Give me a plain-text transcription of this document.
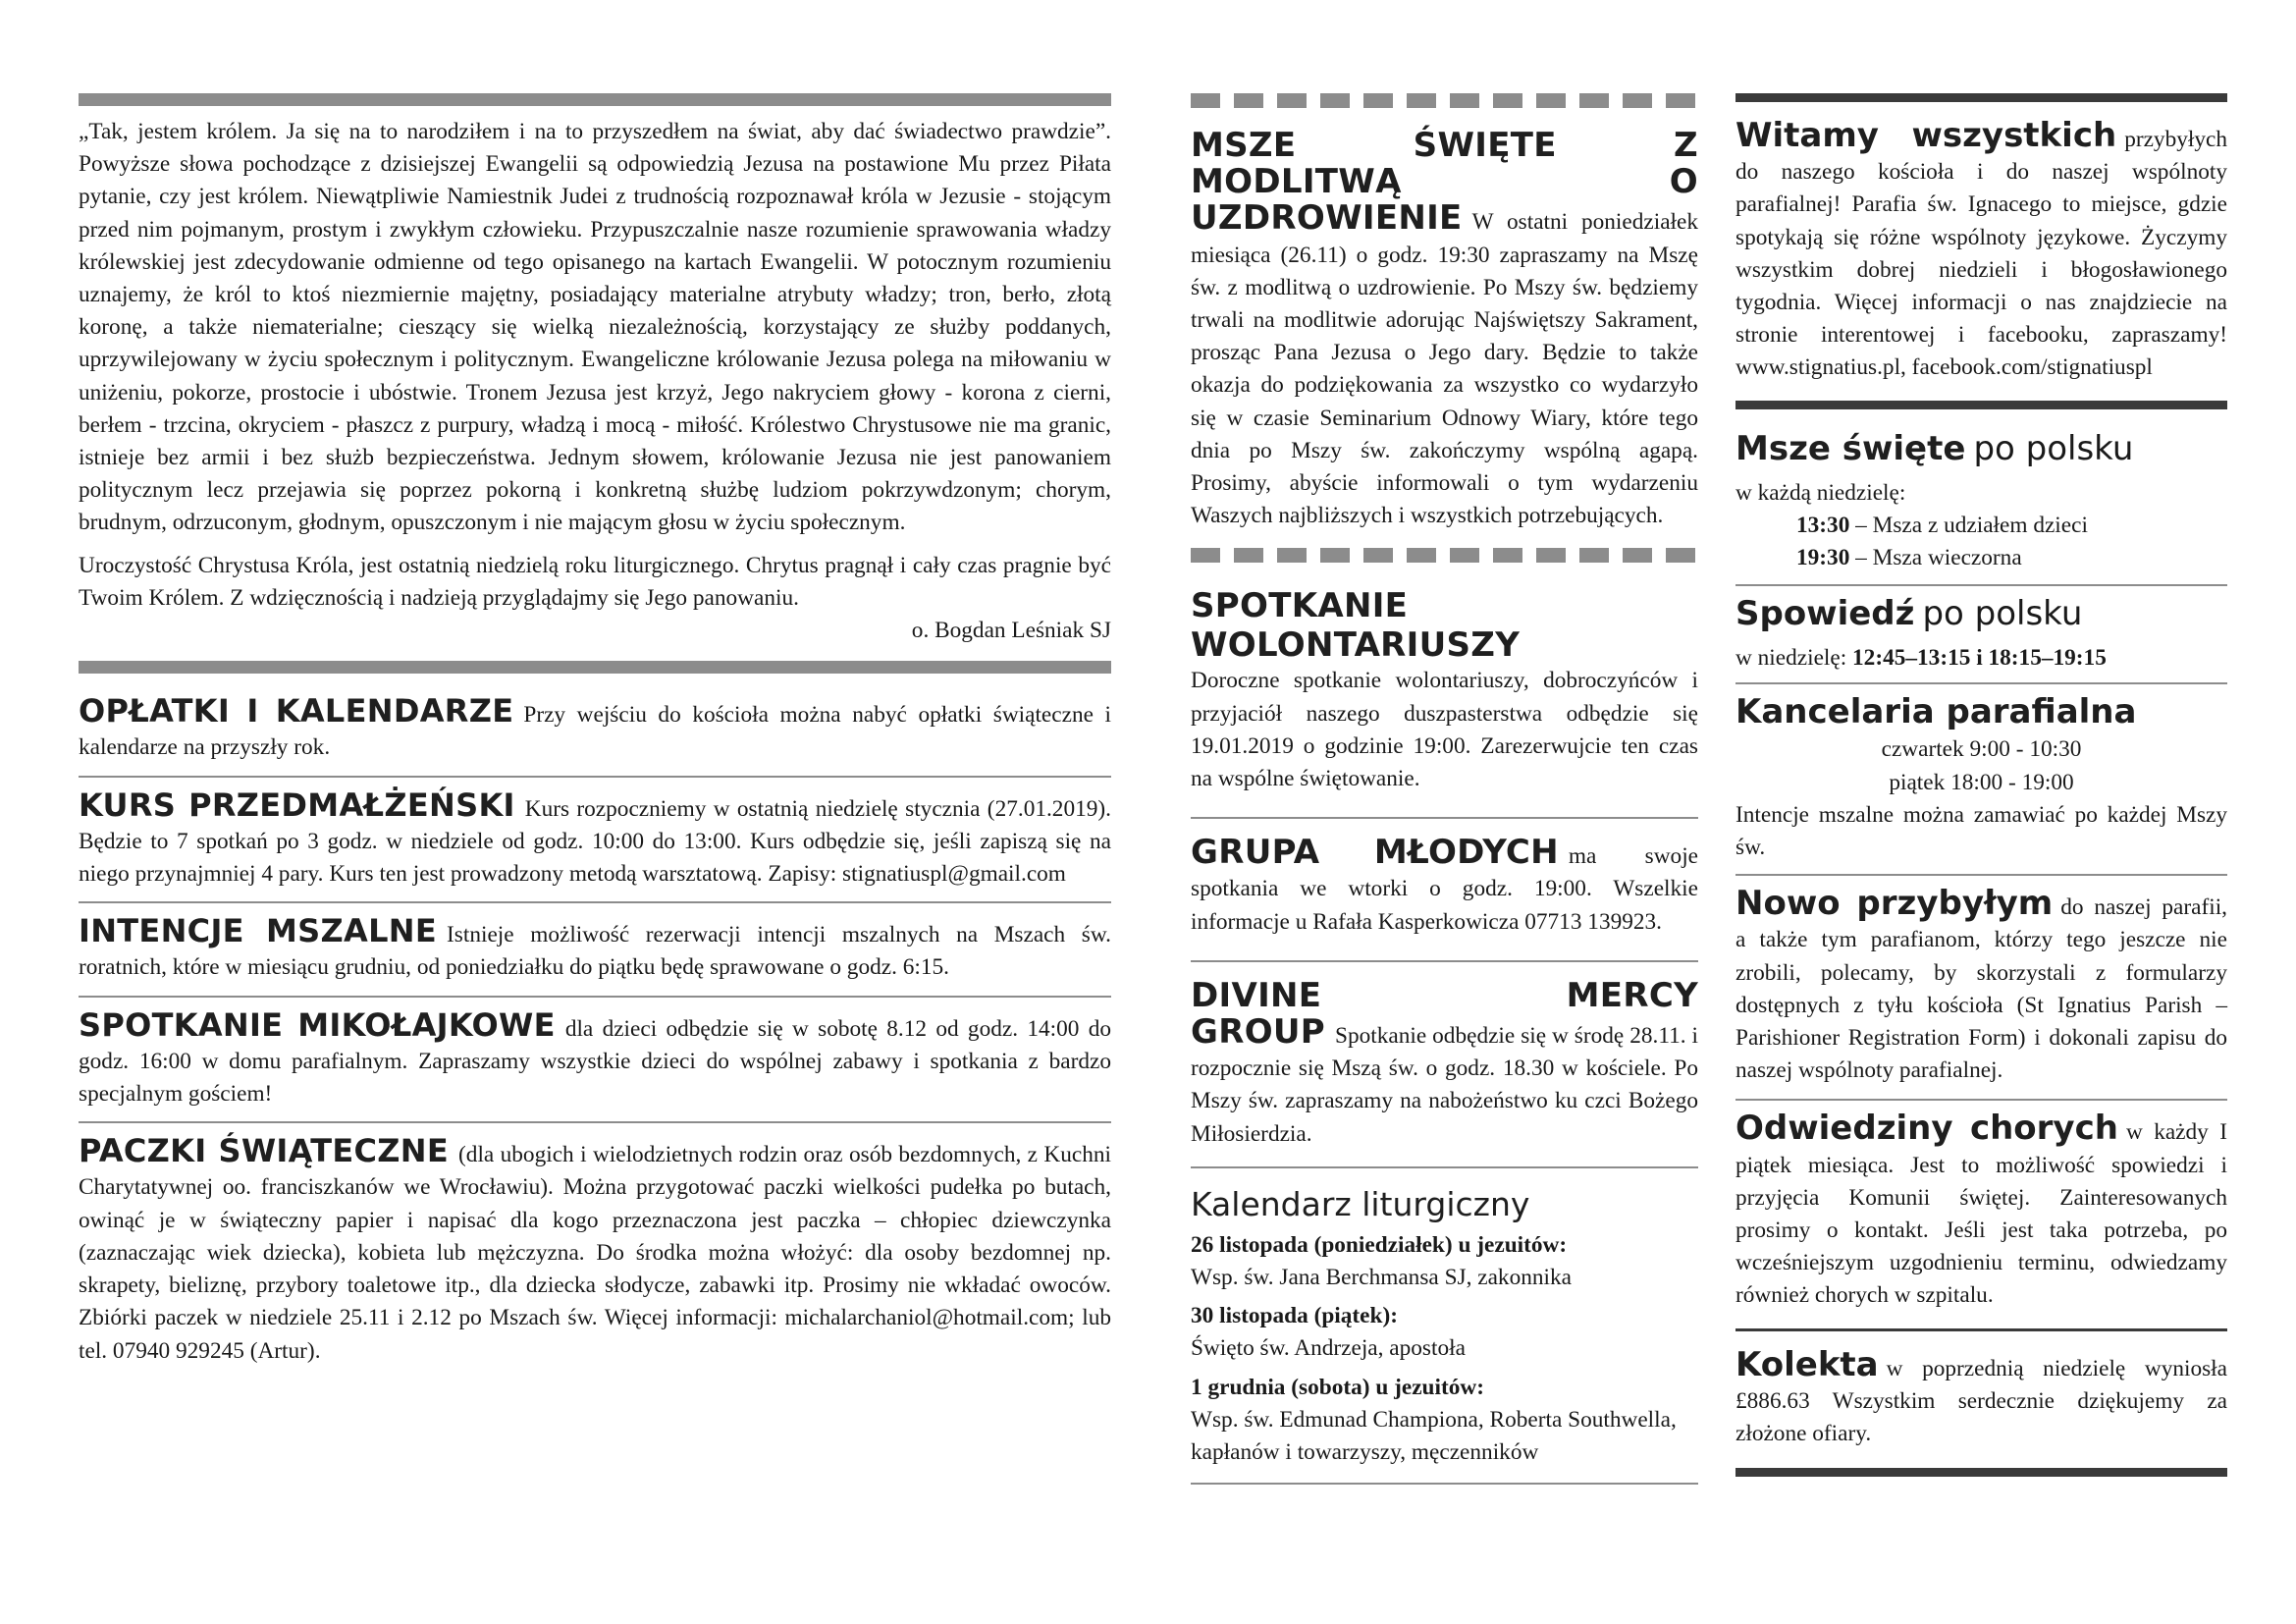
„Tak, jestem królem. Ja się na to narodziłem i na to przyszedłem na świat, aby dać świadectwo prawdzie”. Powyższe słowa pochodzące z dzisiejszej Ewangelii są odpowiedzią Jezusa na postawione Mu przez Piłata pytanie, czy jest królem. Niewątpliwie Namiestnik Judei z trudnością rozpoznawał króla w Jezusie - stojącym przed nim pojmanym, prostym i zwykłym człowieku. Przypuszczalnie nasze rozumienie sprawowania władzy królewskiej jest zdecydowanie odmienne od tego opisanego na kartach Ewangelii. W potocznym rozumieniu uznajemy, że król to ktoś niezmiernie majętny, posiadający materialne atrybuty władzy; tron, berło, złotą koronę, a także niematerialne; cieszący się wielką niezależnością, korzystający ze służby poddanych, uprzywilejowany w życiu społecznym i politycznym. Ewangeliczne królowanie Jezusa polega na miłowaniu w uniżeniu, pokorze, prostocie i ubóstwie. Tronem Jezusa jest krzyż, Jego nakryciem głowy - korona z cierni, berłem - trzcina, okryciem - płaszcz z purpury, władzą i mocą - miłość. Królestwo Chrystusowe nie ma granic, istnieje bez armii i bez służb bezpieczeństwa. Jednym słowem, królowanie Jezusa nie jest panowaniem politycznym lecz przejawia się poprzez pokorną i konkretną służbę ludziom pokrzywdzonym; chorym, brudnym, odrzuconym, głodnym, opuszczonym i nie mającym głosu w życiu społecznym.

Uroczystość Chrystusa Króla, jest ostatnią niedzielą roku liturgicznego. Chrytus pragnął i cały czas pragnie być Twoim Królem. Z wdzięcznością i nadzieją przyglądajmy się Jego panowaniu.

o. Bogdan Leśniak SJ

OPŁATKI I KALENDARZE Przy wejściu do kościoła można nabyć opłatki świąteczne i kalendarze na przyszły rok.

KURS PRZEDMAŁŻEŃSKI Kurs rozpoczniemy w ostatnią niedzielę stycznia (27.01.2019). Będzie to 7 spotkań po 3 godz. w niedziele od godz. 10:00 do 13:00. Kurs odbędzie się, jeśli zapiszą się na niego przynajmniej 4 pary. Kurs ten jest prowadzony metodą warsztatową. Zapisy: stignatiuspl@gmail.com

INTENCJE MSZALNE Istnieje możliwość rezerwacji intencji mszalnych na Mszach św. roratnich, które w miesiącu grudniu, od poniedziałku do piątku będę sprawowane o godz. 6:15.

SPOTKANIE MIKOŁAJKOWE dla dzieci odbędzie się w sobotę 8.12 od godz. 14:00 do godz. 16:00 w domu parafialnym. Zapraszamy wszystkie dzieci do wspólnej zabawy i spotkania z bardzo specjalnym gościem!

PACZKI ŚWIĄTECZNE (dla ubogich i wielodzietnych rodzin oraz osób bezdomnych, z Kuchni Charytatywnej oo. franciszkanów we Wrocławiu). Można przygotować paczki wielkości pudełka po butach, owinąć je w świąteczny papier i napisać dla kogo przeznaczona jest paczka – chłopiec dziewczynka (zaznaczając wiek dziecka), kobieta lub mężczyzna. Do środka można włożyć: dla osoby bezdomnej np. skrapety, bieliznę, przybory toaletowe itp., dla dziecka słodycze, zabawki itp. Prosimy nie wkładać owoców. Zbiórki paczek w niedziele 25.11 i 2.12 po Mszach św. Więcej informacji: michalarchaniol@hotmail.com; lub tel. 07940 929245 (Artur).

MSZE ŚWIĘTE Z MODLITWĄ O UZDROWIENIE W ostatni poniedziałek miesiąca (26.11) o godz. 19:30 zapraszamy na Mszę św. z modlitwą o uzdrowienie. Po Mszy św. będziemy trwali na modlitwie adorując Najświętszy Sakrament, prosząc Pana Jezusa o Jego dary. Będzie to także okazja do podziękowania za wszystko co wydarzyło się w czasie Seminarium Odnowy Wiary, które tego dnia po Mszy św. zakończymy wspólną agapą. Prosimy, abyście informowali o tym wydarzeniu Waszych najbliższych i wszystkich potrzebujących.

SPOTKANIE WOLONTARIUSZY

Doroczne spotkanie wolontariuszy, dobroczyńców i przyjaciół naszego duszpasterstwa odbędzie się 19.01.2019 o godzinie 19:00. Zarezerwujcie ten czas na wspólne świętowanie.

GRUPA MŁODYCH ma swoje spotkania we wtorki o godz. 19:00. Wszelkie informacje u Rafała Kasperkowicza 07713 139923.

DIVINE MERCY GROUP Spotkanie odbędzie się w środę 28.11. i rozpocznie się Mszą św. o godz. 18.30 w kościele. Po Mszy św. zapraszamy na nabożeństwo ku czci Bożego Miłosierdzia.

Kalendarz liturgiczny

26 listopada (poniedziałek) u jezuitów:

Wsp. św. Jana Berchmansa SJ, zakonnika

30 listopada (piątek):

Święto św. Andrzeja, apostoła

1 grudnia (sobota) u jezuitów:

Wsp. św. Edmunad Championa, Roberta Southwella, kapłanów i towarzyszy, męczenników

Witamy wszystkich przybyłych do naszego kościoła i do naszej wspólnoty parafialnej! Parafia św. Ignacego to miejsce, gdzie spotykają się różne wspólnoty językowe. Życzymy wszystkim dobrej niedzieli i błogosławionego tygodnia. Więcej informacji o nas znajdziecie na stronie interentowej i facebooku, zapraszamy! www.stignatius.pl, facebook.com/stignatiuspl

Msze święte po polsku

w każdą niedzielę:

13:30 – Msza z udziałem dzieci

19:30 – Msza wieczorna

Spowiedź po polsku

w niedzielę: 12:45–13:15 i 18:15–19:15

Kancelaria parafialna

czwartek 9:00 - 10:30

piątek 18:00 - 19:00

Intencje mszalne można zamawiać po każdej Mszy św.

Nowo przybyłym do naszej parafii, a także tym parafianom, którzy tego jeszcze nie zrobili, polecamy, by skorzystali z formularzy dostępnych z tyłu kościoła (St Ignatius Parish – Parishioner Registration Form) i dokonali zapisu do naszej wspólnoty parafialnej.

Odwiedziny chorych w każdy I piątek miesiąca. Jest to możliwość spowiedzi i przyjęcia Komunii świętej. Zainteresowanych prosimy o kontakt. Jeśli jest taka potrzeba, po wcześniejszym uzgodnieniu terminu, odwiedzamy również chorych w szpitalu.

Kolekta w poprzednią niedzielę wyniosła £886.63 Wszystkim serdecznie dziękujemy za złożone ofiary.
